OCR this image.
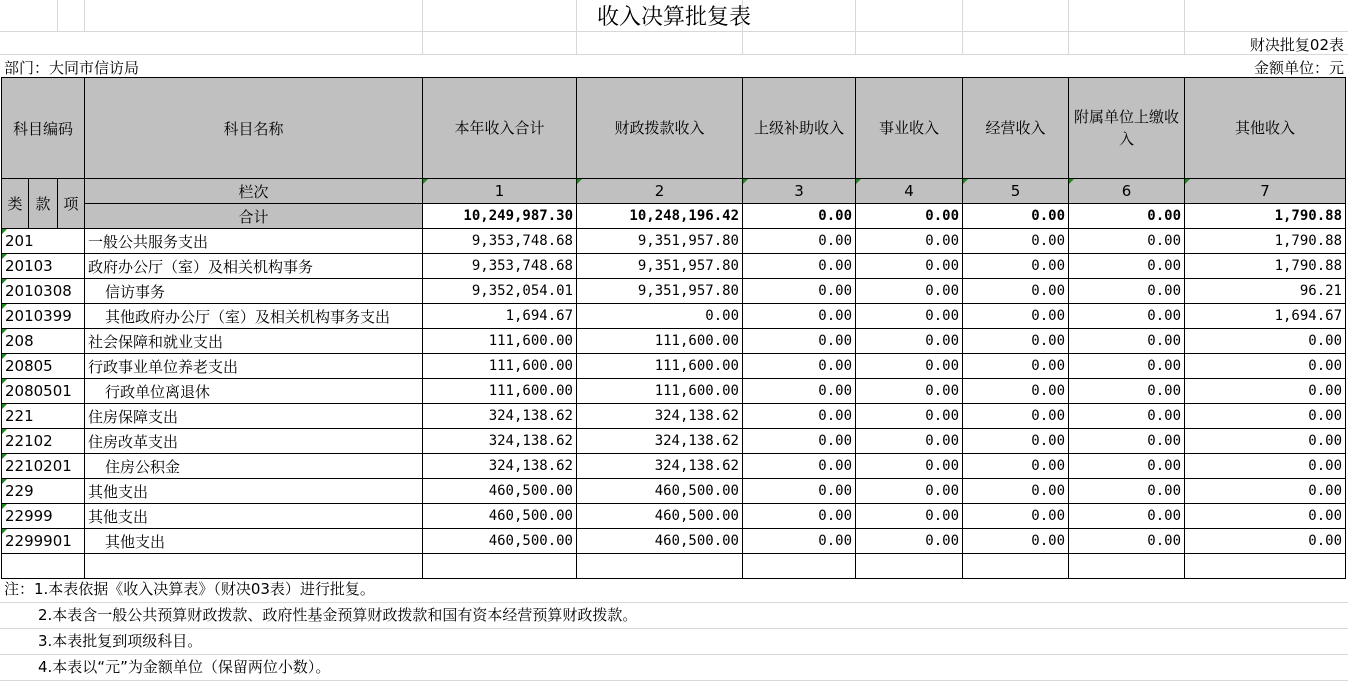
收入决算批复表
财决批复02表
部门：大同市信访局	金额单位：元
科目编码			科目名称	本年收入合计	财政拨款收入	上级补助收入	事业收入	经营收入	附属单位上缴收入	其他收入
类	款	项	栏次	1	2	3	4	5	6	7
			合计	10,249,987.30	10,248,196.42	0.00	0.00	0.00	0.00	1,790.88
201			一般公共服务支出	9,353,748.68	9,351,957.80	0.00	0.00	0.00	0.00	1,790.88
20103			政府办公厅（室）及相关机构事务	9,353,748.68	9,351,957.80	0.00	0.00	0.00	0.00	1,790.88
2010308			信访事务	9,352,054.01	9,351,957.80	0.00	0.00	0.00	0.00	96.21
2010399			其他政府办公厅（室）及相关机构事务支出	1,694.67	0.00	0.00	0.00	0.00	0.00	1,694.67
208			社会保障和就业支出	111,600.00	111,600.00	0.00	0.00	0.00	0.00	0.00
20805			行政事业单位养老支出	111,600.00	111,600.00	0.00	0.00	0.00	0.00	0.00
2080501			行政单位离退休	111,600.00	111,600.00	0.00	0.00	0.00	0.00	0.00
221			住房保障支出	324,138.62	324,138.62	0.00	0.00	0.00	0.00	0.00
22102			住房改革支出	324,138.62	324,138.62	0.00	0.00	0.00	0.00	0.00
2210201			住房公积金	324,138.62	324,138.62	0.00	0.00	0.00	0.00	0.00
229			其他支出	460,500.00	460,500.00	0.00	0.00	0.00	0.00	0.00
22999			其他支出	460,500.00	460,500.00	0.00	0.00	0.00	0.00	0.00
2299901			其他支出	460,500.00	460,500.00	0.00	0.00	0.00	0.00	0.00

注：1.本表依据《收入决算表》（财决03表）进行批复。
2.本表含一般公共预算财政拨款、政府性基金预算财政拨款和国有资本经营预算财政拨款。
3.本表批复到项级科目。
4.本表以“元”为金额单位（保留两位小数）。
